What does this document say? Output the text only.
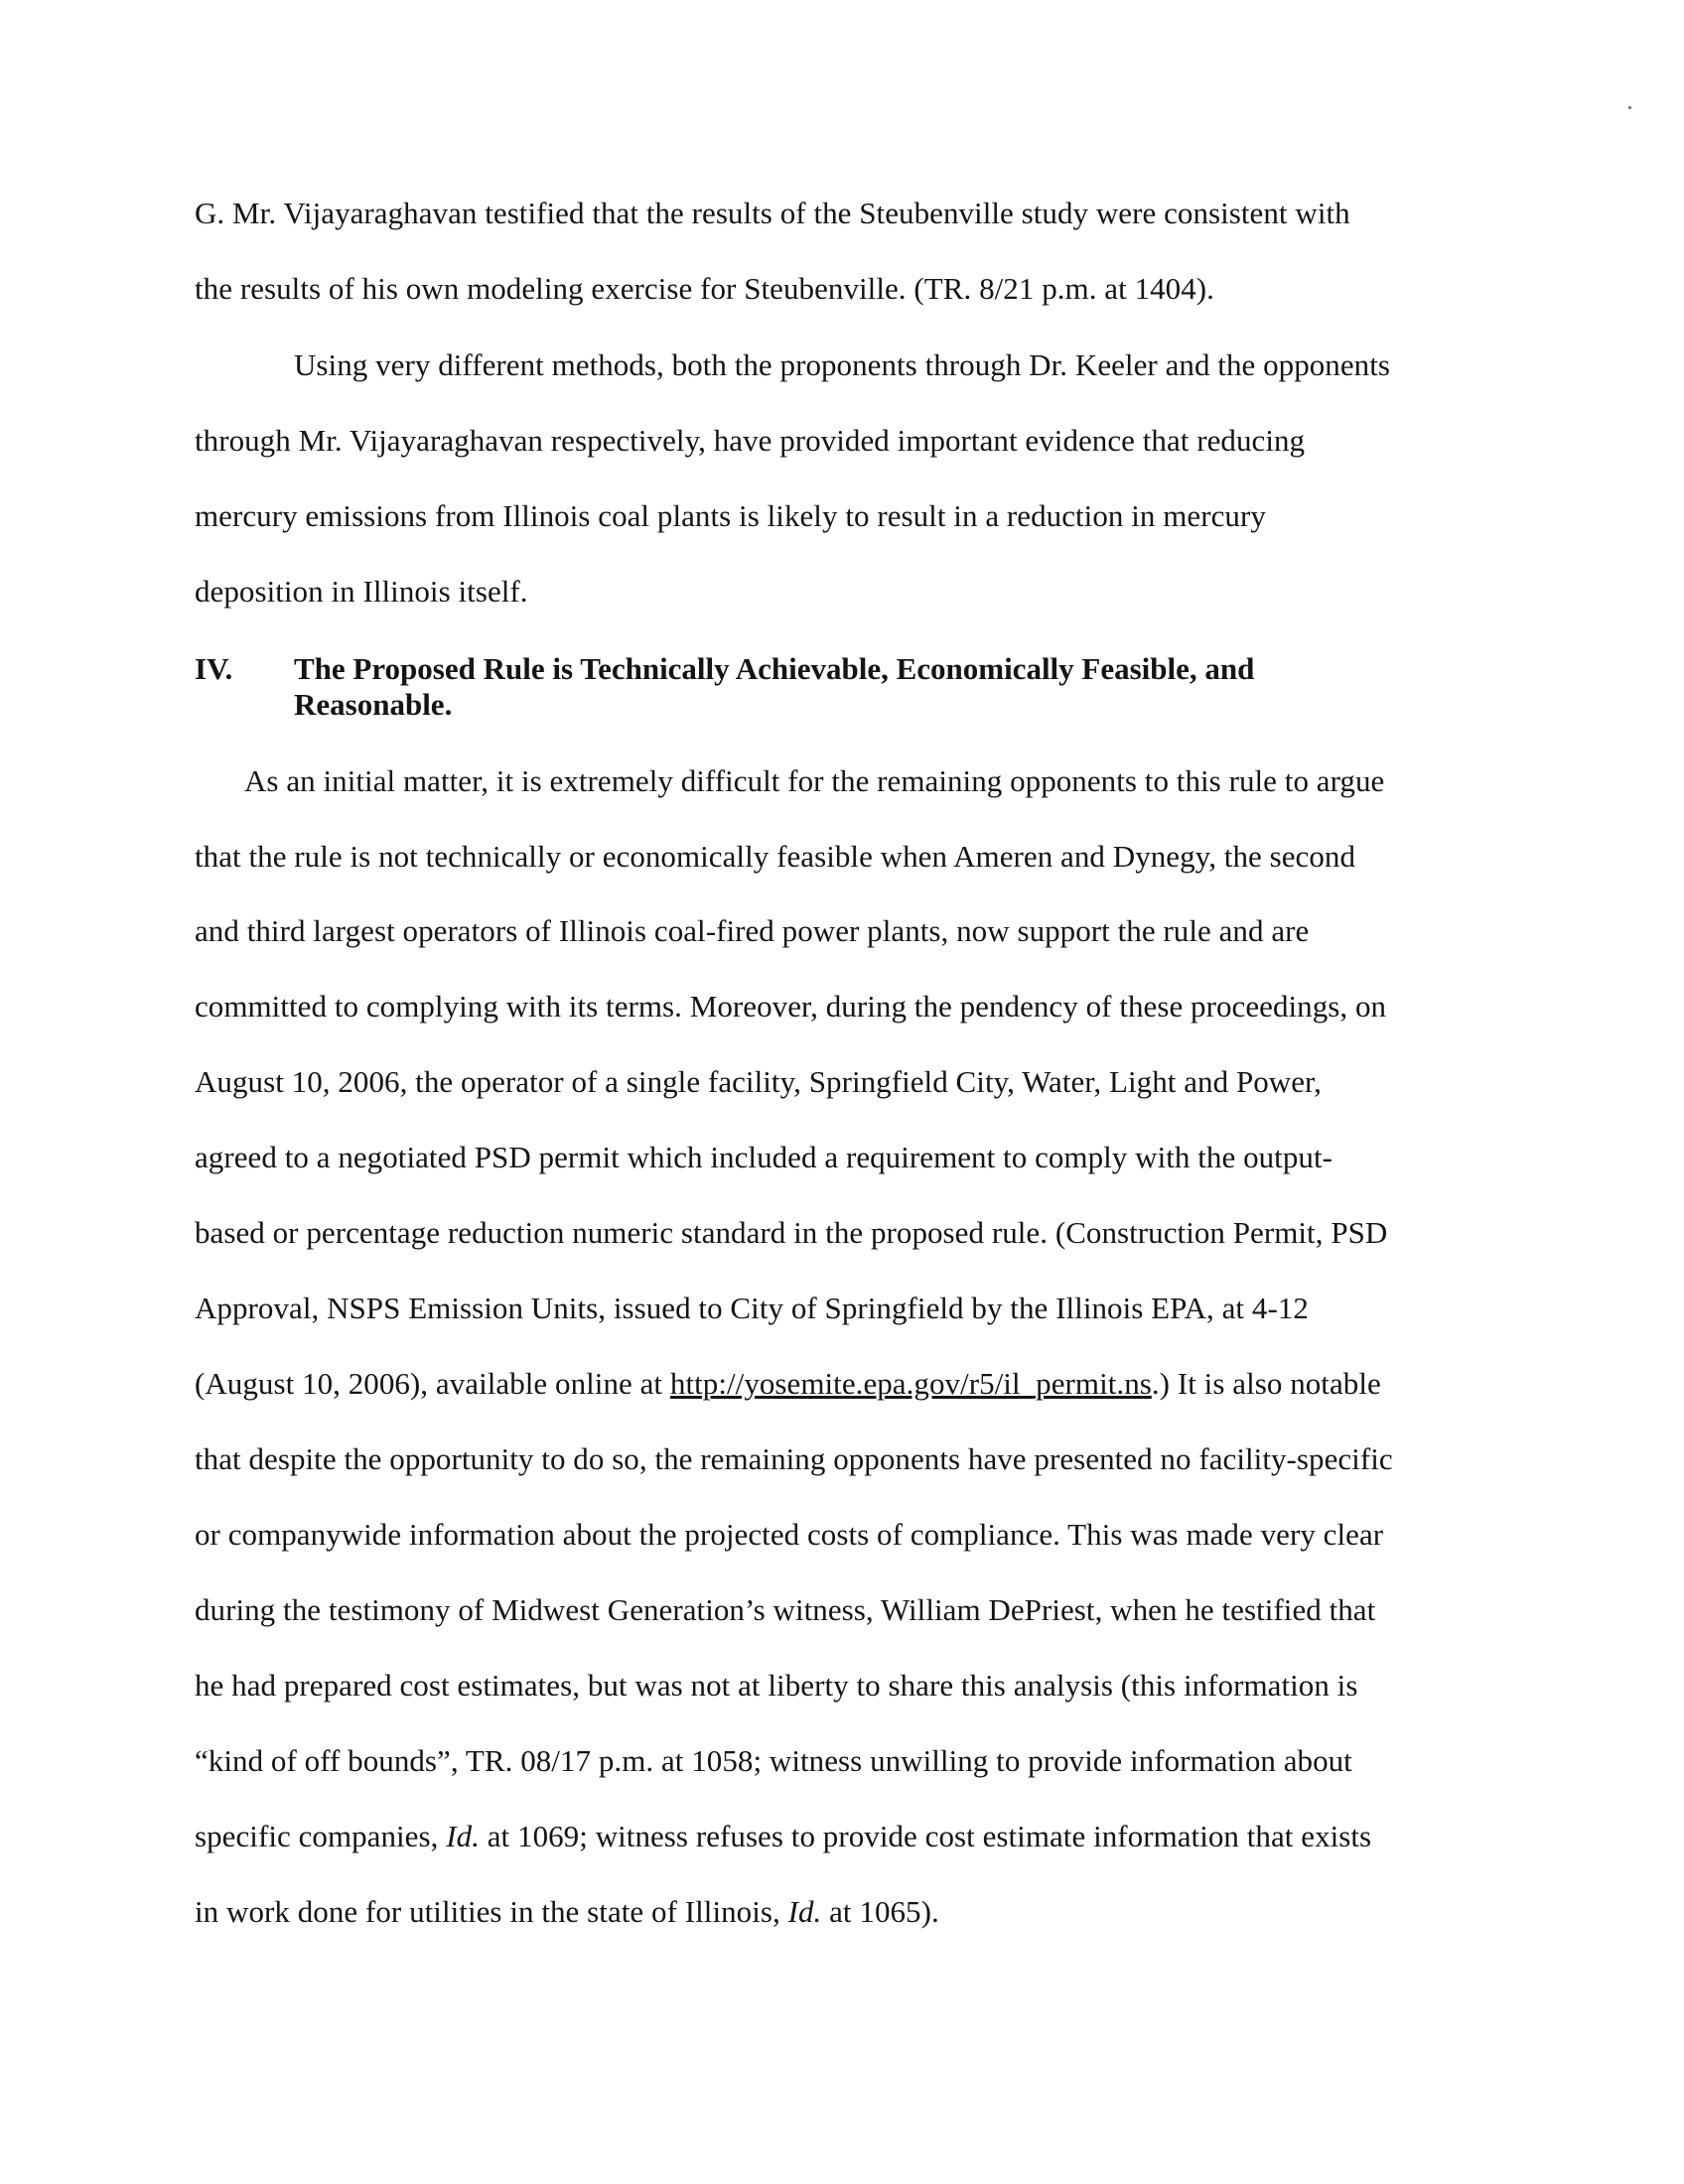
G. Mr. Vijayaraghavan testified that the results of the Steubenville study were consistent with
the results of his own modeling exercise for Steubenville. (TR. 8/21 p.m. at 1404).
Using very different methods, both the proponents through Dr. Keeler and the opponents
through Mr. Vijayaraghavan respectively, have provided important evidence that reducing
mercury emissions from Illinois coal plants is likely to result in a reduction in mercury
deposition in Illinois itself.
IV. The Proposed Rule is Technically Achievable, Economically Feasible, and
Reasonable.
As an initial matter, it is extremely difficult for the remaining opponents to this rule to argue
that the rule is not technically or economically feasible when Ameren and Dynegy, the second
and third largest operators of Illinois coal-fired power plants, now support the rule and are
committed to complying with its terms. Moreover, during the pendency of these proceedings, on
August 10, 2006, the operator of a single facility, Springfield City, Water, Light and Power,
agreed to a negotiated PSD permit which included a requirement to comply with the output-
based or percentage reduction numeric standard in the proposed rule. (Construction Permit, PSD
Approval, NSPS Emission Units, issued to City of Springfield by the Illinois EPA, at 4-12
(August 10, 2006), available online at http://yosemite.epa.gov/r5/il_permit.ns.) It is also notable
that despite the opportunity to do so, the remaining opponents have presented no facility-specific
or companywide information about the projected costs of compliance. This was made very clear
during the testimony of Midwest Generation’s witness, William DePriest, when he testified that
he had prepared cost estimates, but was not at liberty to share this analysis (this information is
“kind of off bounds”, TR. 08/17 p.m. at 1058; witness unwilling to provide information about
specific companies, Id. at 1069; witness refuses to provide cost estimate information that exists
in work done for utilities in the state of Illinois, Id. at 1065).
